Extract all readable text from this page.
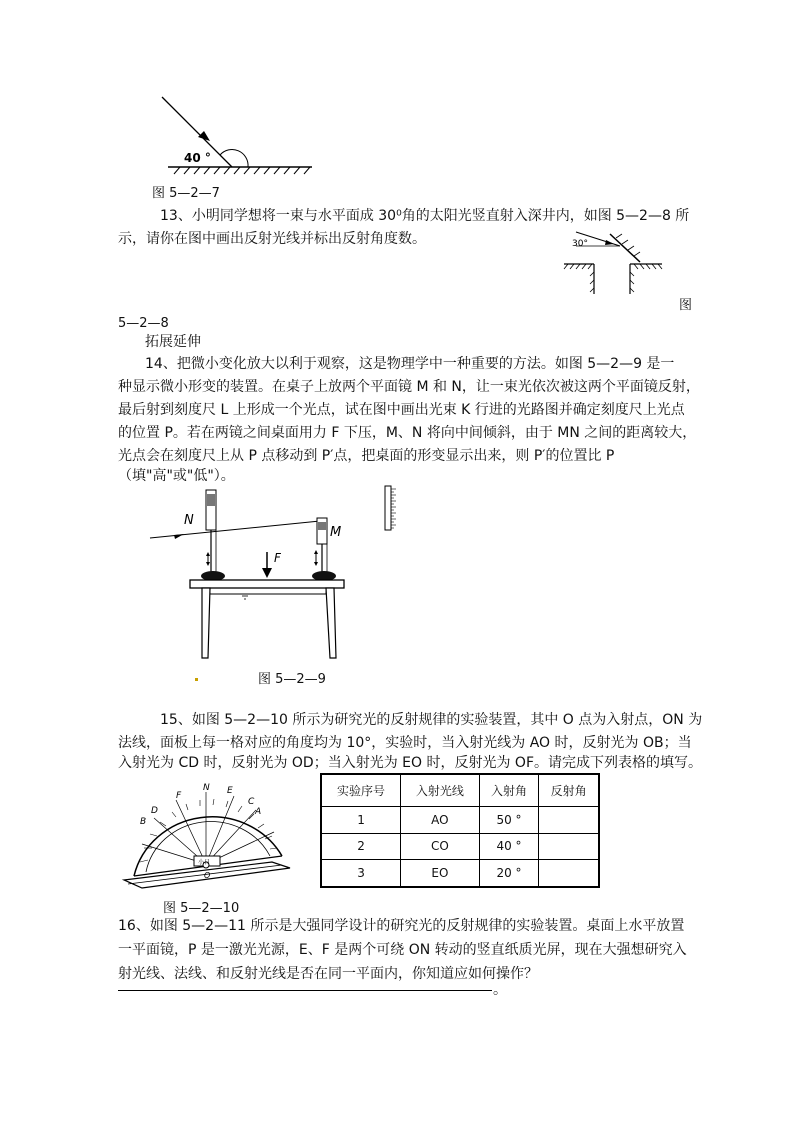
40 °
图 5—2—7
13、小明同学想将一束与水平面成 30⁰角的太阳光竖直射入深井内，如图 5—2—8 所
示，请你在图中画出反射光线并标出反射角度数。	30°
图
5—2—8
拓展延伸
14、把微小变化放大以利于观察，这是物理学中一种重要的方法。如图 5—2—9 是一
种显示微小形变的装置。在桌子上放两个平面镜 M 和 N，让一束光依次被这两个平面镜反射，
最后射到刻度尺 L 上形成一个光点，试在图中画出光束 K 行进的光路图并确定刻度尺上光点
的位置 P。若在两镜之间桌面用力 F 下压，M、N 将向中间倾斜，由于 MN 之间的距离较大，
光点会在刻度尺上从 P 点移动到 P′点，把桌面的形变显示出来，则 P′的位置比 P
（填"高"或"低"）。
N
M
F
图 5—2—9
15、如图 5—2—10 所示为研究光的反射规律的实验装置，其中 O 点为入射点，ON 为
法线，面板上每一格对应的角度均为 10°，实验时，当入射光线为 AO 时，反射光为 OB；当
入射光为 CD 时，反射光为 OD；当入射光为 EO 时，反射光为 OF。请完成下列表格的填写。
小日
F
N E
C
A
D
B
O
图 5—2—10
实验序号	入射光线	入射角	反射角
1	AO	50 °	
2	CO	40 °	
3	EO	20 °	
16、如图 5—2—11 所示是大强同学设计的研究光的反射规律的实验装置。桌面上水平放置
一平面镜，P 是一激光光源，E、F 是两个可绕 ON 转动的竖直纸质光屏，现在大强想研究入
射光线、法线、和反射光线是否在同一平面内，你知道应如何操作？
。
